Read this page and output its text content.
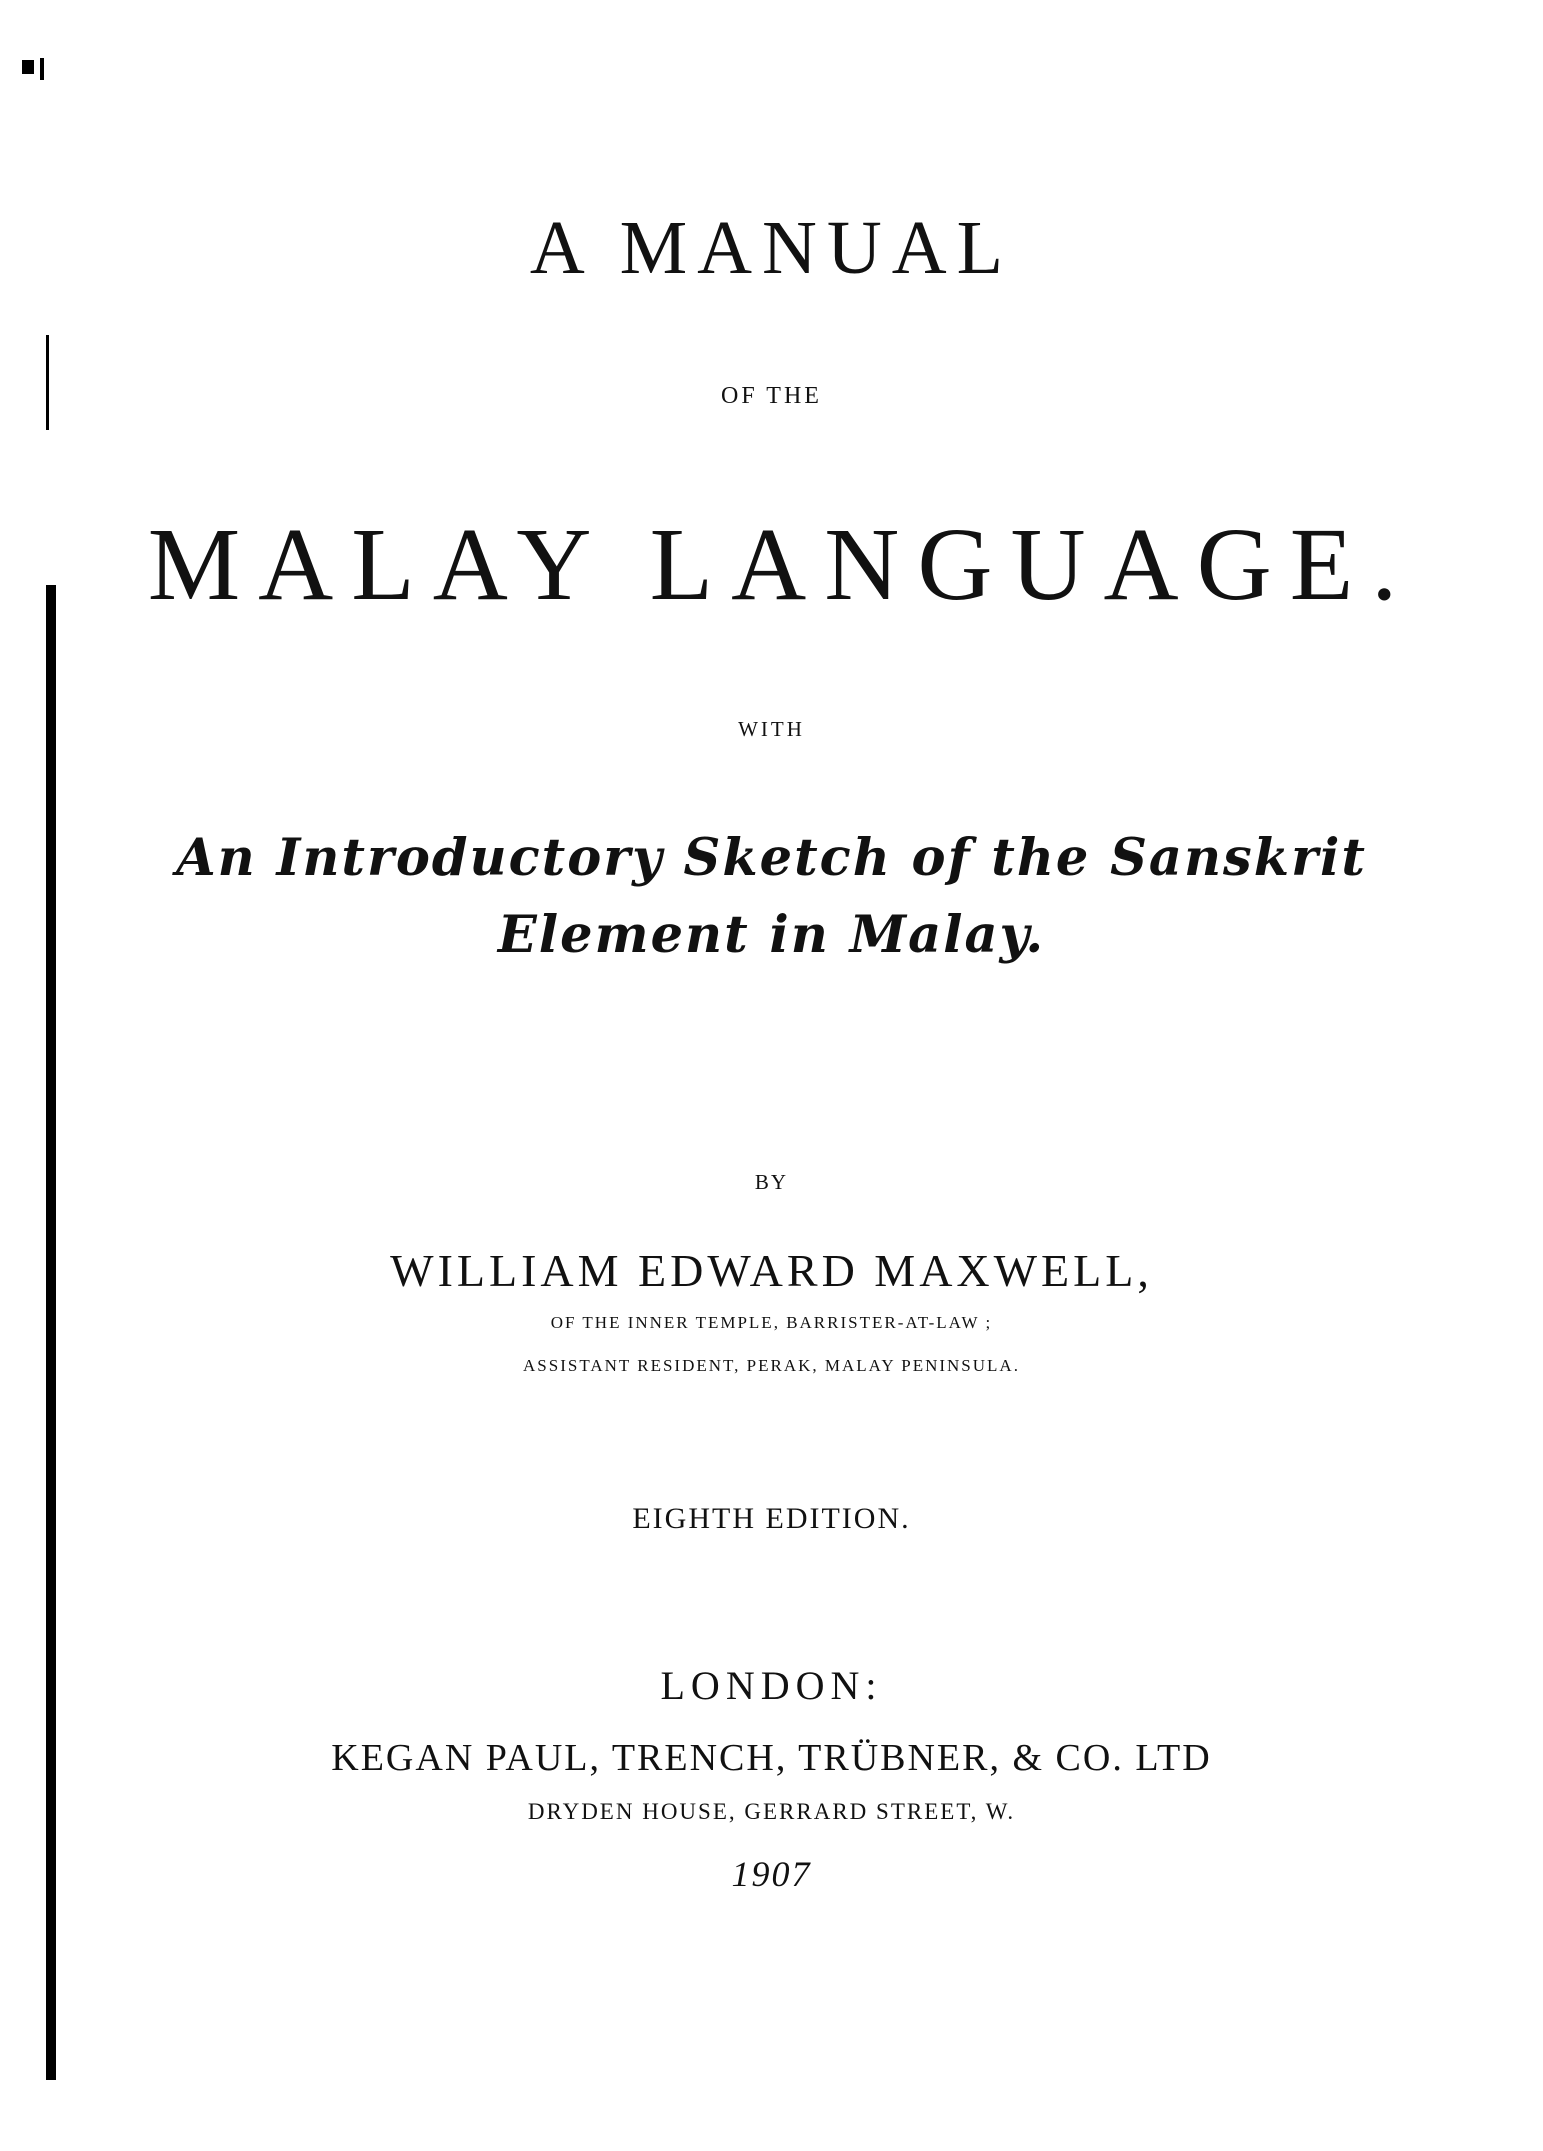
A MANUAL
OF THE
MALAY LANGUAGE.
WITH
An Introductory Sketch of the Sanskrit
Element in Malay.
BY
WILLIAM EDWARD MAXWELL,
OF THE INNER TEMPLE, BARRISTER-AT-LAW ;
ASSISTANT RESIDENT, PERAK, MALAY PENINSULA.
EIGHTH EDITION.
LONDON:
KEGAN PAUL, TRENCH, TRÜBNER, & CO. LTD
DRYDEN HOUSE, GERRARD STREET, W.
1907
